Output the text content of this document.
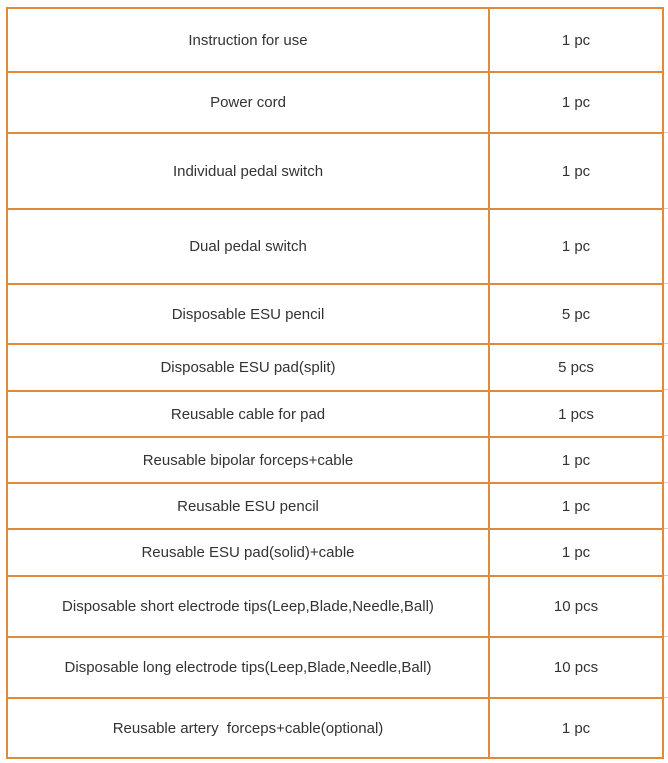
Instruction for use	1 pc
Power cord	1 pc
Individual pedal switch	1 pc
Dual pedal switch	1 pc
Disposable ESU pencil	5 pc
Disposable ESU pad(split)	5 pcs
Reusable cable for pad	1 pcs
Reusable bipolar forceps+cable	1 pc
Reusable ESU pencil	1 pc
Reusable ESU pad(solid)+cable	1 pc
Disposable short electrode tips(Leep,Blade,Needle,Ball)	10 pcs
Disposable long electrode tips(Leep,Blade,Needle,Ball)	10 pcs
Reusable artery  forceps+cable(optional)	1 pc
